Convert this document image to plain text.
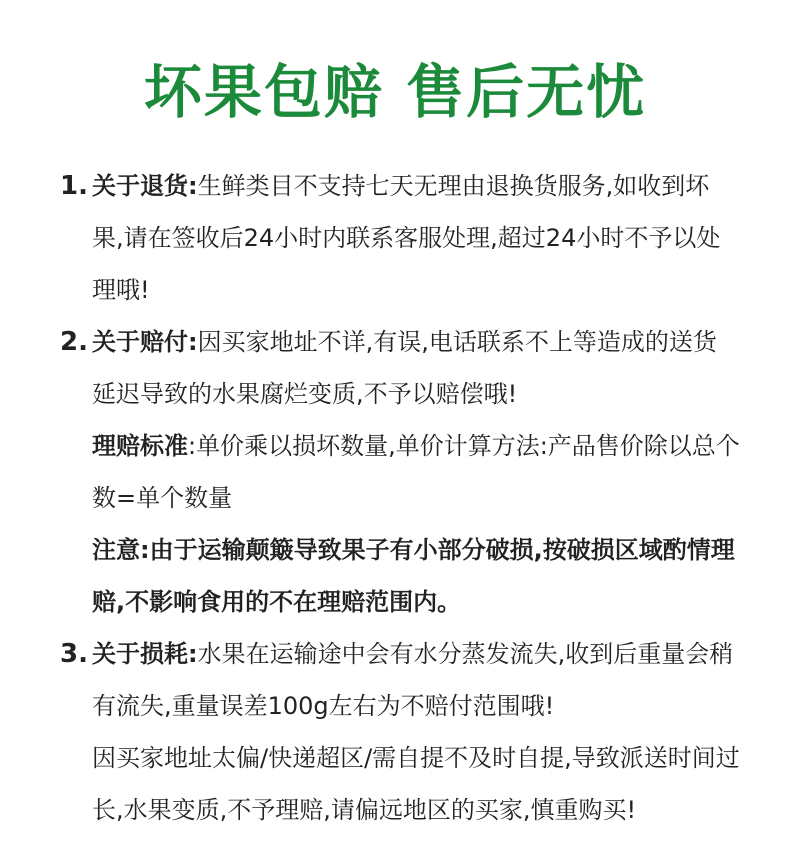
坏果包赔 售后无忧
1. 关于退货:生鲜类目不支持七天无理由退换货服务,如收到坏果,请在签收后24小时内联系客服处理,超过24小时不予以处理哦!

2. 关于赔付:因买家地址不详,有误,电话联系不上等造成的送货延迟导致的水果腐烂变质,不予以赔偿哦!

理赔标准:单价乘以损坏数量,单价计算方法:产品售价除以总个数=单个数量

注意:由于运输颠簸导致果子有小部分破损,按破损区域酌情理赔,不影响食用的不在理赔范围内。

3. 关于损耗:水果在运输途中会有水分蒸发流失,收到后重量会稍有流失,重量误差100g左右为不赔付范围哦!

因买家地址太偏/快递超区/需自提不及时自提,导致派送时间过长,水果变质,不予理赔,请偏远地区的买家,慎重购买!
